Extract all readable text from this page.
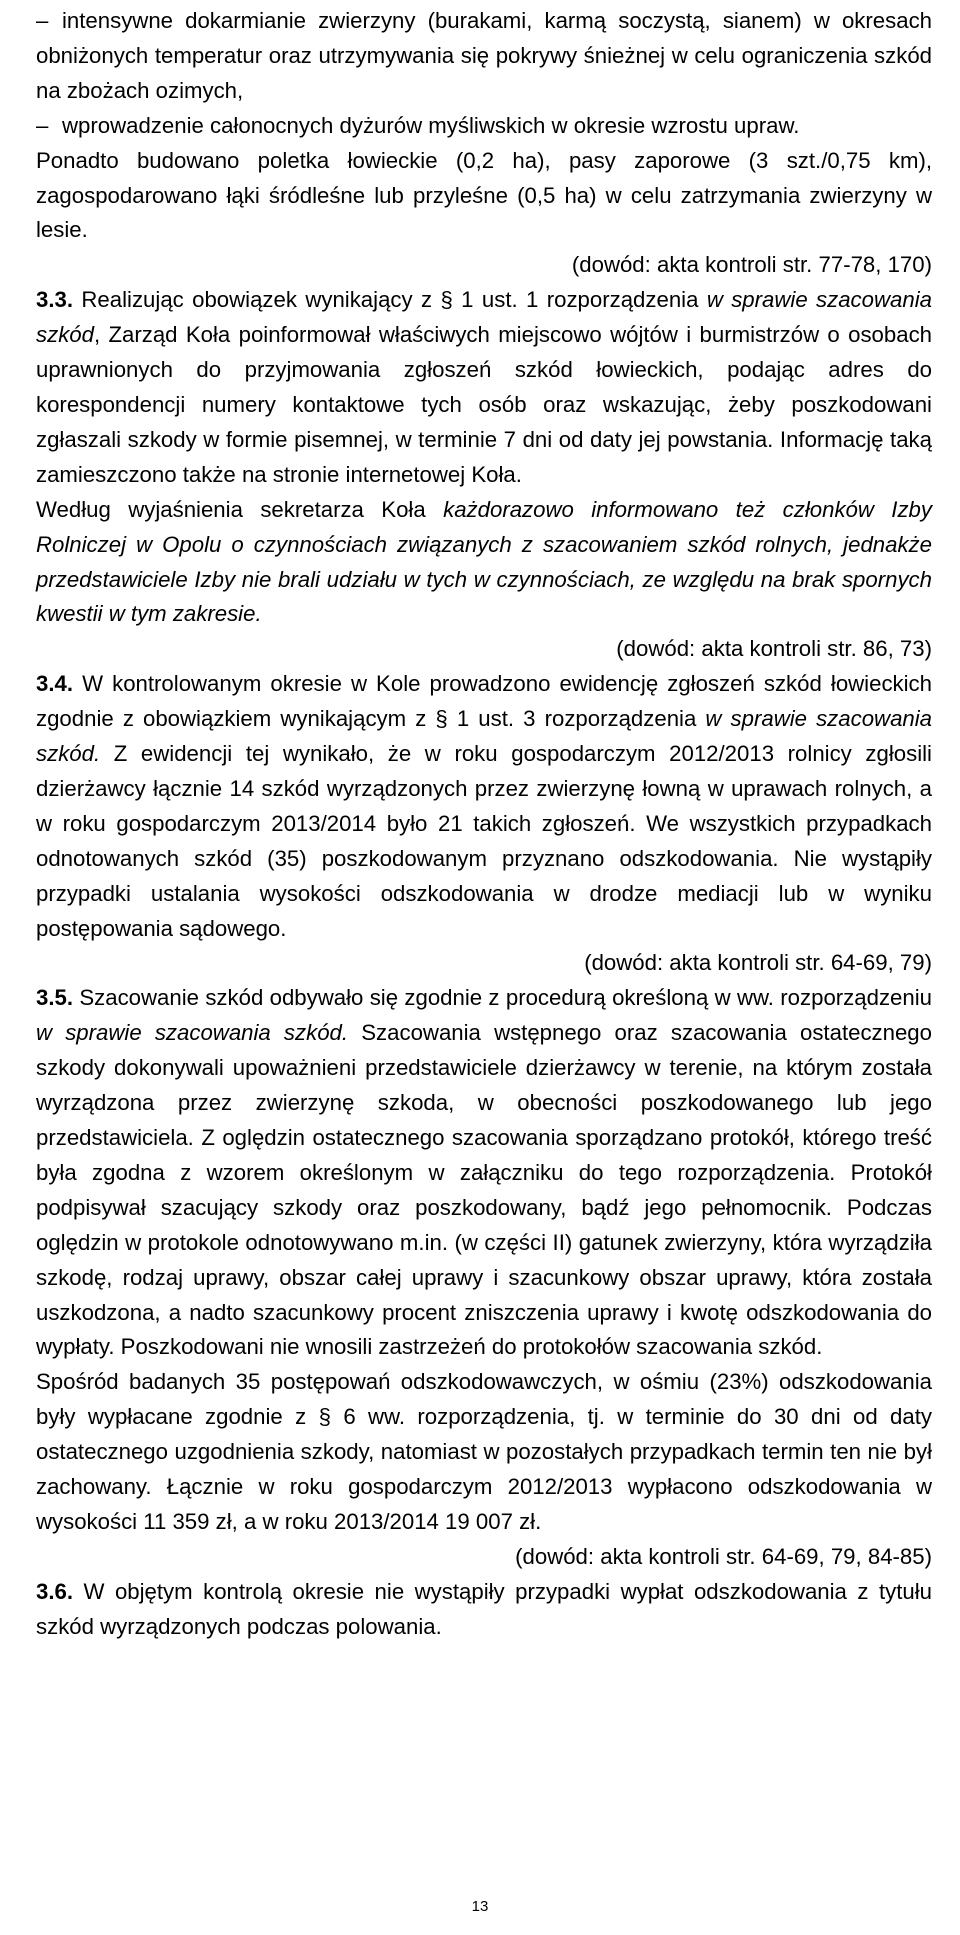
– intensywne dokarmianie zwierzyny (burakami, karmą soczystą, sianem) w okresach obniżonych temperatur oraz utrzymywania się pokrywy śnieżnej w celu ograniczenia szkód na zbożach ozimych,

– wprowadzenie całonocnych dyżurów myśliwskich w okresie wzrostu upraw.

Ponadto budowano poletka łowieckie (0,2 ha), pasy zaporowe (3 szt./0,75 km), zagospodarowano łąki śródleśne lub przyleśne (0,5 ha) w celu zatrzymania zwierzyny w lesie.

(dowód: akta kontroli str. 77-78, 170)

3.3. Realizując obowiązek wynikający z § 1 ust. 1 rozporządzenia w sprawie szacowania szkód, Zarząd Koła poinformował właściwych miejscowo wójtów i burmistrzów o osobach uprawnionych do przyjmowania zgłoszeń szkód łowieckich, podając adres do korespondencji numery kontaktowe tych osób oraz wskazując, żeby poszkodowani zgłaszali szkody w formie pisemnej, w terminie 7 dni od daty jej powstania. Informację taką zamieszczono także na stronie internetowej Koła.

Według wyjaśnienia sekretarza Koła każdorazowo informowano też członków Izby Rolniczej w Opolu o czynnościach związanych z szacowaniem szkód rolnych, jednakże przedstawiciele Izby nie brali udziału w tych w czynnościach, ze względu na brak spornych kwestii w tym zakresie.

(dowód: akta kontroli str. 86, 73)

3.4. W kontrolowanym okresie w Kole prowadzono ewidencję zgłoszeń szkód łowieckich zgodnie z obowiązkiem wynikającym z § 1 ust. 3 rozporządzenia w sprawie szacowania szkód. Z ewidencji tej wynikało, że w roku gospodarczym 2012/2013 rolnicy zgłosili dzierżawcy łącznie 14 szkód wyrządzonych przez zwierzynę łowną w uprawach rolnych, a w roku gospodarczym 2013/2014 było 21 takich zgłoszeń. We wszystkich przypadkach odnotowanych szkód (35) poszkodowanym przyznano odszkodowania. Nie wystąpiły przypadki ustalania wysokości odszkodowania w drodze mediacji lub w wyniku postępowania sądowego.

(dowód: akta kontroli str. 64-69, 79)

3.5. Szacowanie szkód odbywało się zgodnie z procedurą określoną w ww. rozporządzeniu w sprawie szacowania szkód. Szacowania wstępnego oraz szacowania ostatecznego szkody dokonywali upoważnieni przedstawiciele dzierżawcy w terenie, na którym została wyrządzona przez zwierzynę szkoda, w obecności poszkodowanego lub jego przedstawiciela. Z oględzin ostatecznego szacowania sporządzano protokół, którego treść była zgodna z wzorem określonym w załączniku do tego rozporządzenia. Protokół podpisywał szacujący szkody oraz poszkodowany, bądź jego pełnomocnik. Podczas oględzin w protokole odnotowywano m.in. (w części II) gatunek zwierzyny, która wyrządziła szkodę, rodzaj uprawy, obszar całej uprawy i szacunkowy obszar uprawy, która została uszkodzona, a nadto szacunkowy procent zniszczenia uprawy i kwotę odszkodowania do wypłaty. Poszkodowani nie wnosili zastrzeżeń do protokołów szacowania szkód.

Spośród badanych 35 postępowań odszkodowawczych, w ośmiu (23%) odszkodowania były wypłacane zgodnie z § 6 ww. rozporządzenia, tj. w terminie do 30 dni od daty ostatecznego uzgodnienia szkody, natomiast w pozostałych przypadkach termin ten nie był zachowany. Łącznie w roku gospodarczym 2012/2013 wypłacono odszkodowania w wysokości 11 359 zł, a w roku 2013/2014 19 007 zł.

(dowód: akta kontroli str. 64-69, 79, 84-85)

3.6. W objętym kontrolą okresie nie wystąpiły przypadki wypłat odszkodowania z tytułu szkód wyrządzonych podczas polowania.

13
